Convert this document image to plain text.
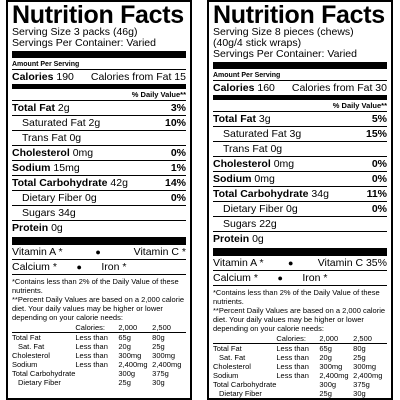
Nutrition Facts
Serving Size 3 packs (46g)
Servings Per Container: Varied
Amount Per Serving
Calories 190 Calories from Fat 15
% Daily Value**
Total Fat 2g	3%
Saturated Fat 2g	10%
Trans Fat 0g
Cholesterol 0mg	0%
Sodium 15mg	1%
Total Carbohydrate 42g	14%
Dietary Fiber 0g	0%
Sugars 34g
Protein 0g
Vitamin A *	●	Vitamin C *
Calcium * ● Iron *

*Contains less than 2% of the Daily Value of these nutrients.

**Percent Daily Values are based on a 2,000 calorie diet. Your daily values may be higher or lower depending on your calorie needs:

	Calories:	2,000	2,500
Total Fat	Less than	65g	80g
Sat. Fat	Less than	20g	25g
Cholesterol	Less than	300mg	300mg
Sodium	Less than	2,400mg	2,400mg
Total Carbohydrate		300g	375g
Dietary Fiber		25g	30g
Nutrition Facts
Serving Size 8 pieces (chews)
(40g/4 stick wraps)
Servings Per Container: Varied
Amount Per Serving
Calories 160 Calories from Fat 30
% Daily Value**
Total Fat 3g	5%
Saturated Fat 3g	15%
Trans Fat 0g
Cholesterol 0mg	0%
Sodium 0mg	0%
Total Carbohydrate 34g	11%
Dietary Fiber 0g	0%
Sugars 22g
Protein 0g
Vitamin A *	● Vitamin C 35%
Calcium * ● Iron *

*Contains less than 2% of the Daily Value of these nutrients.

**Percent Daily Values are based on a 2,000 calorie diet. Your daily values may be higher or lower depending on your calorie needs:

	Calories:	2,000	2,500
Total Fat	Less than	65g	80g
Sat. Fat	Less than	20g	25g
Cholesterol	Less than	300mg	300mg
Sodium	Less than	2,400mg	2,400mg
Total Carbohydrate		300g	375g
Dietary Fiber		25g	30g
